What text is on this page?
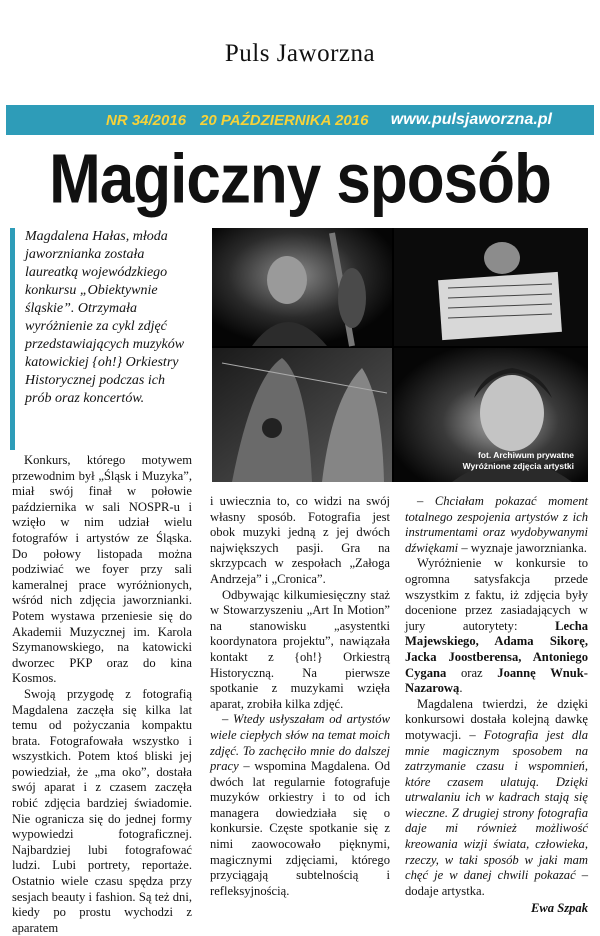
Puls Jaworzna
NR 34/2016 20 PAŹDZIERNIKA 2016 www.pulsjaworzna.pl
Magiczny sposób
Magdalena Hałas, młoda jaworznianka została laureatką wojewódzkiego konkursu „Obiektywnie śląskie”. Otrzymała wyróżnienie za cykl zdjęć przedstawiających muzyków katowickiej {oh!} Orkiestry Historycznej podczas ich prób oraz koncertów.
fot. Archiwum prywatne
Wyróżnione zdjęcia artystki

Konkurs, którego motywem przewodnim był „Śląsk i Muzyka”, miał swój finał w połowie października w sali NOSPR-u i wzięło w nim udział wielu fotografów i artystów ze Śląska. Do połowy listopada można podziwiać we foyer przy sali kameralnej prace wyróżnionych, wśród nich zdjęcia jaworznianki. Potem wystawa przeniesie się do Akademii Muzycznej im. Karola Szymanowskiego, na katowicki dworzec PKP oraz do kina Kosmos.

Swoją przygodę z fotografią Magdalena zaczęła się kilka lat temu od pożyczania kompaktu brata. Fotografowała wszystko i wszystkich. Potem ktoś bliski jej powiedział, że „ma oko”, dostała swój aparat i z czasem zaczęła robić zdjęcia bardziej świadomie. Nie ogranicza się do jednej formy wypowiedzi fotograficznej. Najbardziej lubi fotografować ludzi. Lubi portrety, reportaże. Ostatnio wiele czasu spędza przy sesjach beauty i fashion. Są też dni, kiedy po prostu wychodzi z aparatem

i uwiecznia to, co widzi na swój własny sposób. Fotografia jest obok muzyki jedną z jej dwóch największych pasji. Gra na skrzypcach w zespołach „Załoga Andrzeja” i „Cronica”.

Odbywając kilkumiesięczny staż w Stowarzyszeniu „Art In Motion” na stanowisku „asystentki koordynatora projektu”, nawiązała kontakt z {oh!} Orkiestrą Historyczną. Na pierwsze spotkanie z muzykami wzięła aparat, zrobiła kilka zdjęć.

– Wtedy usłyszałam od artystów wiele ciepłych słów na temat moich zdjęć. To zachęciło mnie do dalszej pracy – wspomina Magdalena. Od dwóch lat regularnie fotografuje muzyków orkiestry i to od ich managera dowiedziała się o konkursie. Częste spotkanie się z nimi zaowocowało pięknymi, magicznymi zdjęciami, którego przyciągają subtelnością i refleksyjnością.

– Chciałam pokazać moment totalnego zespojenia artystów z ich instrumentami oraz wydobywanymi dźwiękami – wyznaje jaworznianka.

Wyróżnienie w konkursie to ogromna satysfakcja przede wszystkim z faktu, iż zdjęcia były docenione przez zasiadających w jury autorytety: Lecha Majewskiego, Adama Sikorę, Jacka Joostberensa, Antoniego Cygana oraz Joannę Wnuk-Nazarową.

Magdalena twierdzi, że dzięki konkursowi dostała kolejną dawkę motywacji. – Fotografia jest dla mnie magicznym sposobem na zatrzymanie czasu i wspomnień, które czasem ulatują. Dzięki utrwalaniu ich w kadrach stają się wieczne. Z drugiej strony fotografia daje mi również możliwość kreowania wizji świata, człowieka, rzeczy, w taki sposób w jaki mam chęć je w danej chwili pokazać – dodaje artystka.

Ewa Szpak
